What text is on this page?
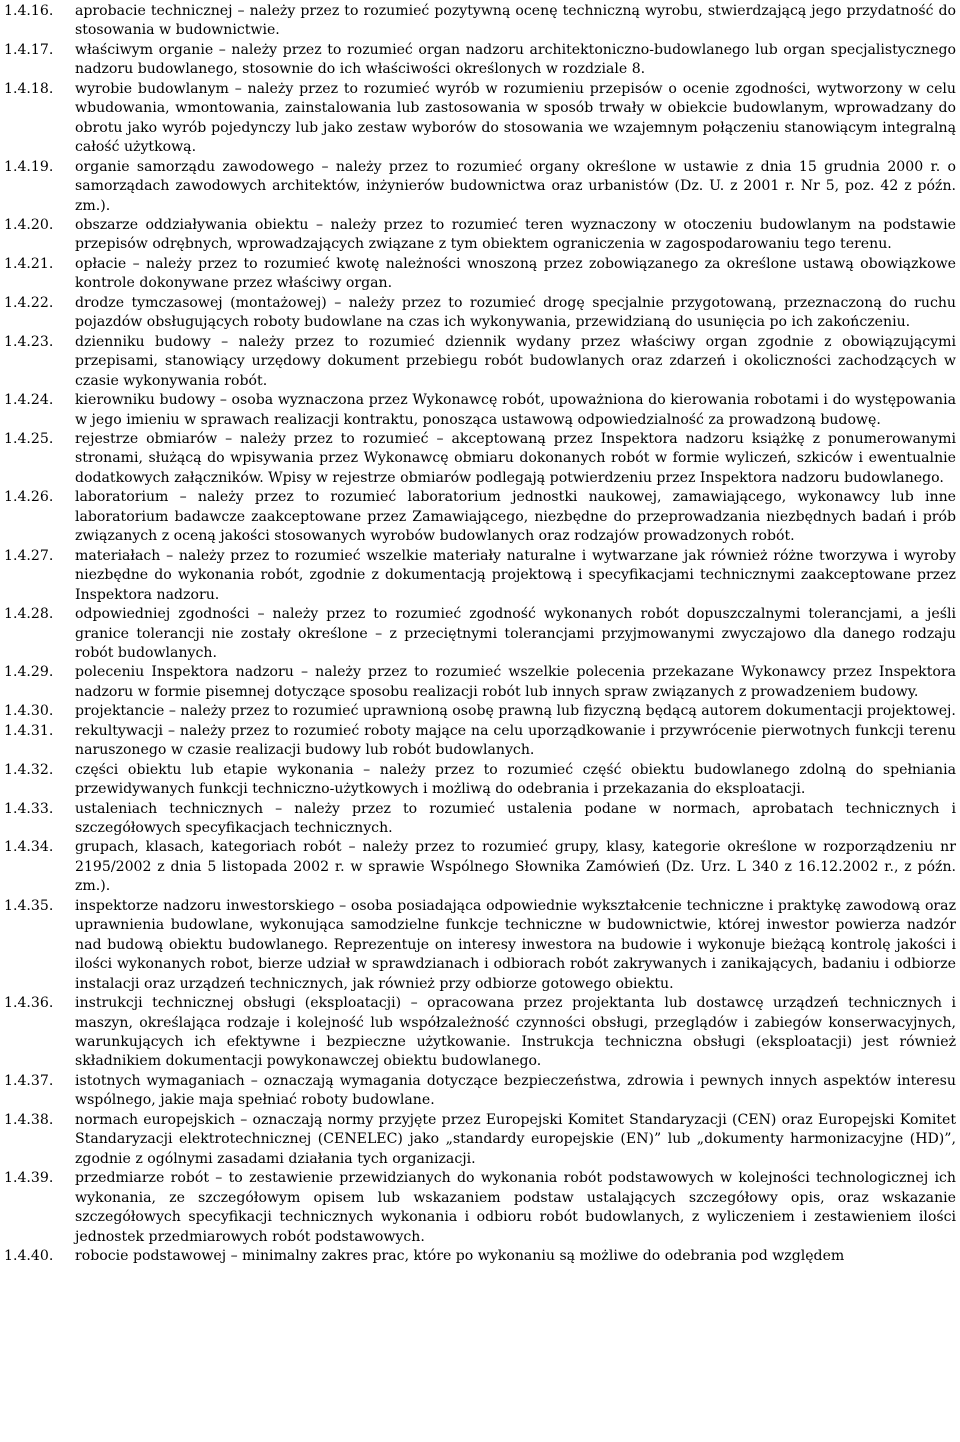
1.4.16.	aprobacie technicznej – należy przez to rozumieć pozytywną ocenę techniczną wyrobu, stwierdzającą jego przydatność do stosowania w budownictwie.
1.4.17.	właściwym organie – należy przez to rozumieć organ nadzoru architektoniczno-budowlanego lub organ specjalistycznego nadzoru budowlanego, stosownie do ich właściwości określonych w rozdziale 8.
1.4.18.	wyrobie budowlanym – należy przez to rozumieć wyrób w rozumieniu przepisów o ocenie zgodności, wytworzony w celu wbudowania, wmontowania, zainstalowania lub zastosowania w sposób trwały w obiekcie budowlanym, wprowadzany do obrotu jako wyrób pojedynczy lub jako zestaw wyborów do stosowania we wzajemnym połączeniu stanowiącym integralną całość użytkową.
1.4.19.	organie samorządu zawodowego – należy przez to rozumieć organy określone w ustawie z dnia 15 grudnia 2000 r. o samorządach zawodowych architektów, inżynierów budownictwa oraz urbanistów (Dz. U. z 2001 r. Nr 5, poz. 42 z późn. zm.).
1.4.20.	obszarze oddziaływania obiektu – należy przez to rozumieć teren wyznaczony w otoczeniu budowlanym na podstawie przepisów odrębnych, wprowadzających związane z tym obiektem ograniczenia w zagospodarowaniu tego terenu.
1.4.21.	opłacie – należy przez to rozumieć kwotę należności wnoszoną przez zobowiązanego za określone ustawą obowiązkowe kontrole dokonywane przez właściwy organ.
1.4.22.	drodze tymczasowej (montażowej) – należy przez to rozumieć drogę specjalnie przygotowaną, przeznaczoną do ruchu pojazdów obsługujących roboty budowlane na czas ich wykonywania, przewidzianą do usunięcia po ich zakończeniu.
1.4.23.	dzienniku budowy – należy przez to rozumieć dziennik wydany przez właściwy organ zgodnie z obowiązującymi przepisami, stanowiący urzędowy dokument przebiegu robót budowlanych oraz zdarzeń i okoliczności zachodzących w czasie wykonywania robót.
1.4.24.	kierowniku budowy – osoba wyznaczona przez Wykonawcę robót, upoważniona do kierowania robotami i do występowania w jego imieniu w sprawach realizacji kontraktu, ponosząca ustawową odpowiedzialność za prowadzoną budowę.
1.4.25.	rejestrze obmiarów – należy przez to rozumieć – akceptowaną przez Inspektora nadzoru książkę z ponumerowanymi stronami, służącą do wpisywania przez Wykonawcę obmiaru dokonanych robót w formie wyliczeń, szkiców i ewentualnie dodatkowych załączników. Wpisy w rejestrze obmiarów podlegają potwierdzeniu przez Inspektora nadzoru budowlanego.
1.4.26.	laboratorium – należy przez to rozumieć laboratorium jednostki naukowej, zamawiającego, wykonawcy lub inne laboratorium badawcze zaakceptowane przez Zamawiającego, niezbędne do przeprowadzania niezbędnych badań i prób związanych z oceną jakości stosowanych wyrobów budowlanych oraz rodzajów prowadzonych robót.
1.4.27.	materiałach – należy przez to rozumieć wszelkie materiały naturalne i wytwarzane jak również różne tworzywa i wyroby niezbędne do wykonania robót, zgodnie z dokumentacją projektową i specyfikacjami technicznymi zaakceptowane przez Inspektora nadzoru.
1.4.28.	odpowiedniej zgodności – należy przez to rozumieć zgodność wykonanych robót dopuszczalnymi tolerancjami, a jeśli granice tolerancji nie zostały określone – z przeciętnymi tolerancjami przyjmowanymi zwyczajowo dla danego rodzaju robót budowlanych.
1.4.29.	poleceniu Inspektora nadzoru – należy przez to rozumieć wszelkie polecenia przekazane Wykonawcy przez Inspektora nadzoru w formie pisemnej dotyczące sposobu realizacji robót lub innych spraw związanych z prowadzeniem budowy.
1.4.30.	projektancie – należy przez to rozumieć uprawnioną osobę prawną lub fizyczną będącą autorem dokumentacji projektowej.
1.4.31.	rekultywacji – należy przez to rozumieć roboty mające na celu uporządkowanie i przywrócenie pierwotnych funkcji terenu naruszonego w czasie realizacji budowy lub robót budowlanych.
1.4.32.	części obiektu lub etapie wykonania – należy przez to rozumieć część obiektu budowlanego zdolną do spełniania przewidywanych funkcji techniczno-użytkowych i możliwą do odebrania i przekazania do eksploatacji.
1.4.33.	ustaleniach technicznych – należy przez to rozumieć ustalenia podane w normach, aprobatach technicznych i szczegółowych specyfikacjach technicznych.
1.4.34.	grupach, klasach, kategoriach robót – należy przez to rozumieć grupy, klasy, kategorie określone w rozporządzeniu nr 2195/2002 z dnia 5 listopada 2002 r. w sprawie Wspólnego Słownika Zamówień (Dz. Urz. L 340 z 16.12.2002 r., z późn. zm.).
1.4.35.	inspektorze nadzoru inwestorskiego – osoba posiadająca odpowiednie wykształcenie techniczne i praktykę zawodową oraz uprawnienia budowlane, wykonująca samodzielne funkcje techniczne w budownictwie, której inwestor powierza nadzór nad budową obiektu budowlanego. Reprezentuje on interesy inwestora na budowie i wykonuje bieżącą kontrolę jakości i ilości wykonanych robot, bierze udział w sprawdzianach i odbiorach robót zakrywanych i zanikających, badaniu i odbiorze instalacji oraz urządzeń technicznych, jak również przy odbiorze gotowego obiektu.
1.4.36.	instrukcji technicznej obsługi (eksploatacji) – opracowana przez projektanta lub dostawcę urządzeń technicznych i maszyn, określająca rodzaje i kolejność lub współzależność czynności obsługi, przeglądów i zabiegów konserwacyjnych, warunkujących ich efektywne i bezpieczne użytkowanie. Instrukcja techniczna obsługi (eksploatacji) jest również składnikiem dokumentacji powykonawczej obiektu budowlanego.
1.4.37.	istotnych wymaganiach – oznaczają wymagania dotyczące bezpieczeństwa, zdrowia i pewnych innych aspektów interesu wspólnego, jakie maja spełniać roboty budowlane.
1.4.38.	normach europejskich – oznaczają normy przyjęte przez Europejski Komitet Standaryzacji (CEN) oraz Europejski Komitet Standaryzacji elektrotechnicznej (CENELEC) jako „standardy europejskie (EN)” lub „dokumenty harmonizacyjne (HD)”, zgodnie z ogólnymi zasadami działania tych organizacji.
1.4.39.	przedmiarze robót – to zestawienie przewidzianych do wykonania robót podstawowych w kolejności technologicznej ich wykonania, ze szczegółowym opisem lub wskazaniem podstaw ustalających szczegółowy opis, oraz wskazanie szczegółowych specyfikacji technicznych wykonania i odbioru robót budowlanych, z wyliczeniem i zestawieniem ilości jednostek przedmiarowych robót podstawowych.
1.4.40.	robocie podstawowej – minimalny zakres prac, które po wykonaniu są możliwe do odebrania pod względem
